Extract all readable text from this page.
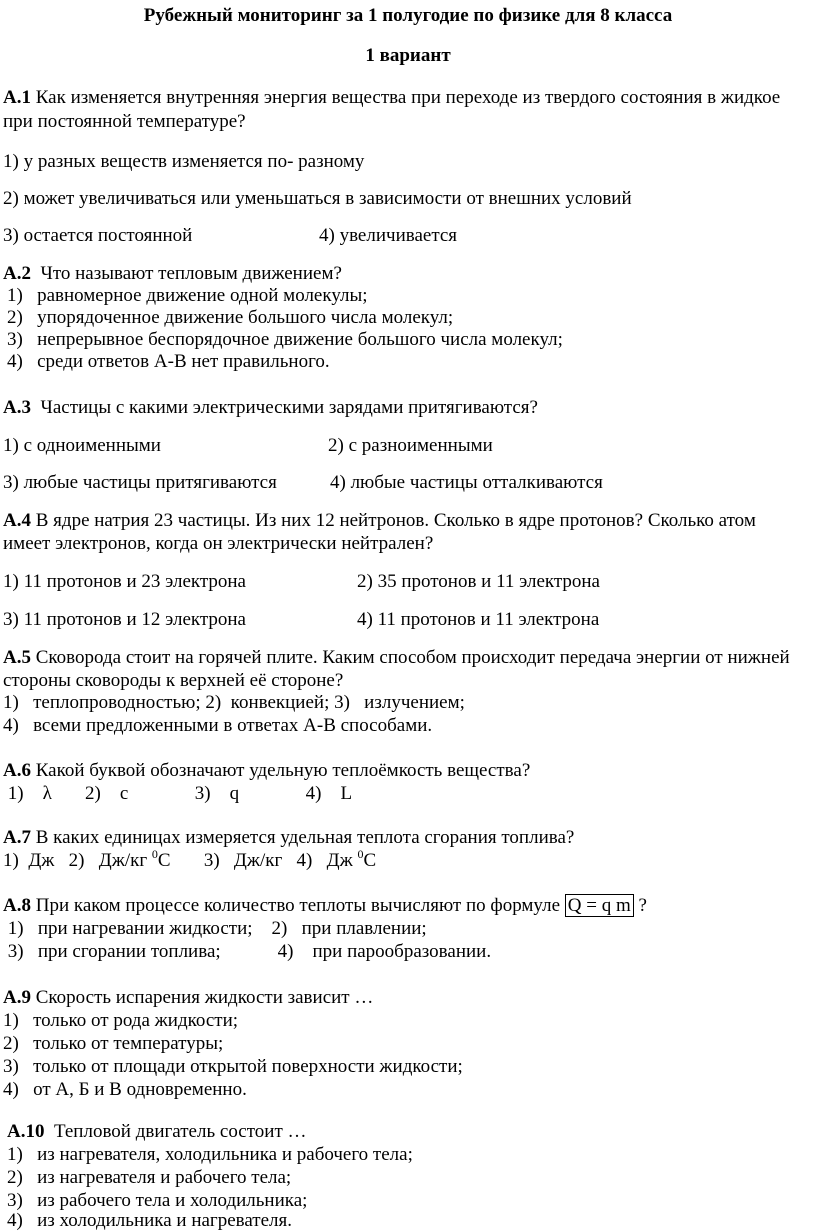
Рубежный мониторинг за 1 полугодие по физике для 8 класса
1 вариант
А.1 Как изменяется внутренняя энергия вещества при переходе из твердого состояния в жидкое
при постоянной температуре?
1) у разных веществ изменяется по- разному
2) может увеличиваться или уменьшаться в зависимости от внешних условий
3) остается постоянной	4) увеличивается
А.2  Что называют тепловым движением?
1)   равномерное движение одной молекулы;
2)   упорядоченное движение большого числа молекул;
3)   непрерывное беспорядочное движение большого числа молекул;
4)   среди ответов А-В нет правильного.
А.3  Частицы с какими электрическими зарядами притягиваются?
1) с одноименными	2) с разноименными
3) любые частицы притягиваются	4) любые частицы отталкиваются
А.4 В ядре натрия 23 частицы. Из них 12 нейтронов. Сколько в ядре протонов? Сколько атом
имеет электронов, когда он электрически нейтрален?
1) 11 протонов и 23 электрона	2) 35 протонов и 11 электрона
3) 11 протонов и 12 электрона	4) 11 протонов и 11 электрона
А.5 Сковорода стоит на горячей плите. Каким способом происходит передача энергии от нижней
стороны сковороды к верхней её стороне?
1)   теплопроводностью; 2)  конвекцией; 3)   излучением;
4)   всеми предложенными в ответах А-В способами.
А.6 Какой буквой обозначают удельную теплоёмкость вещества?
1)    λ       2)    c              3)    q              4)    L
А.7 В каких единицах измеряется удельная теплота сгорания топлива?
1)  Дж   2)   Дж/кг $^0$С       3)   Дж/кг   4)   Дж $^0$С
А.8 При каком процессе количество теплоты вычисляют по формуле Q = q m ?
1)   при нагревании жидкости;    2)   при плавлении;
3)   при сгорании топлива;            4)    при парообразовании.
А.9 Скорость испарения жидкости зависит …
1)   только от рода жидкости;
2)   только от температуры;
3)   только от площади открытой поверхности жидкости;
4)   от А, Б и В одновременно.
А.10  Тепловой двигатель состоит …
1)   из нагревателя, холодильника и рабочего тела;
2)   из нагревателя и рабочего тела;
3)   из рабочего тела и холодильника;
4)   из холодильника и нагревателя.
